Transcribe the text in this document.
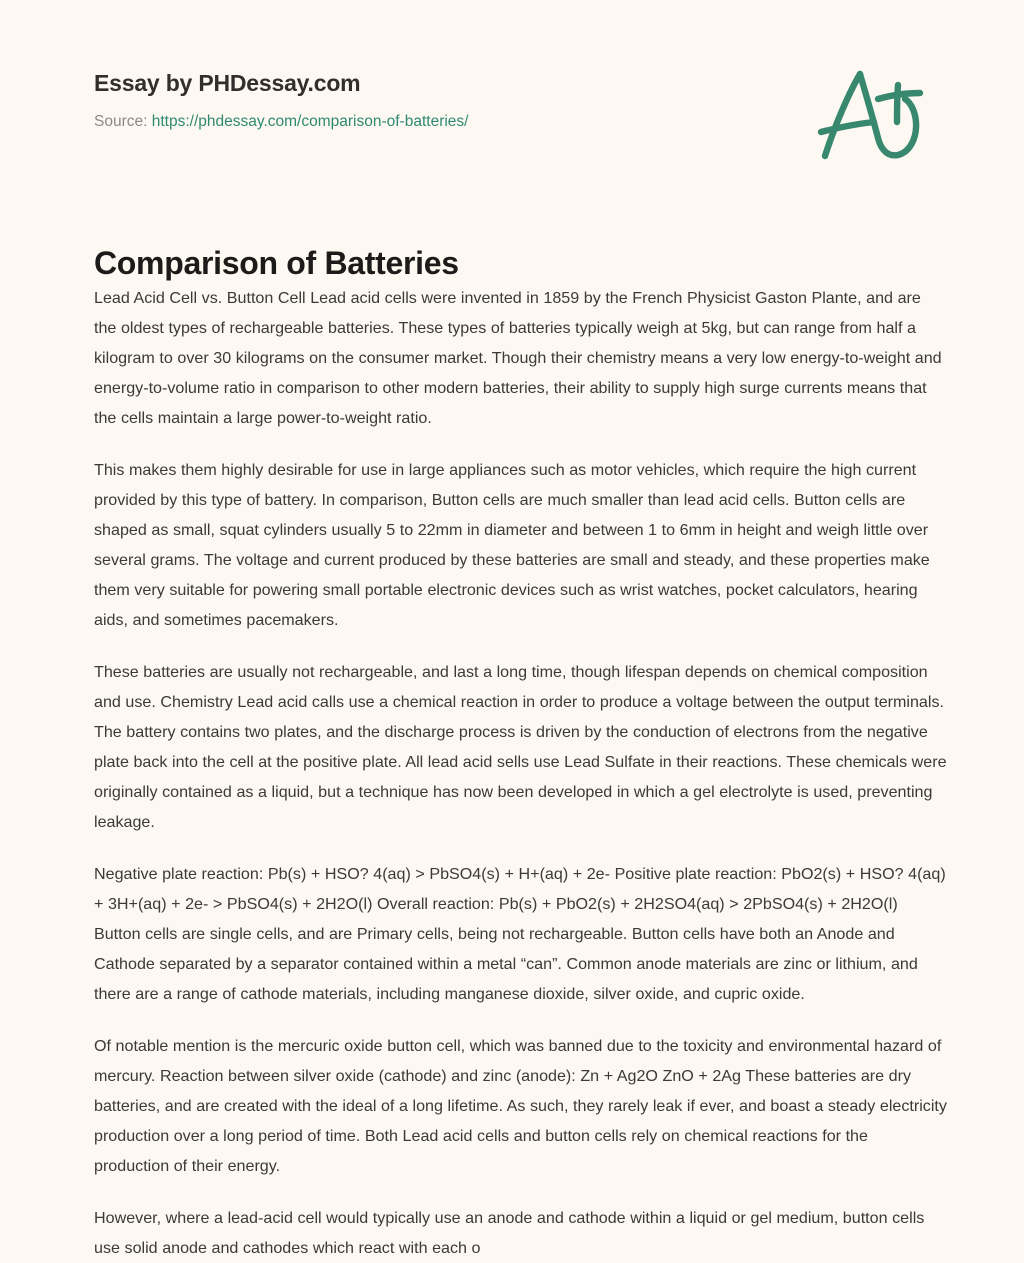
Essay by PHDessay.com
Source: https://phdessay.com/comparison-of-batteries/
Comparison of Batteries

Lead Acid Cell vs. Button Cell Lead acid cells were invented in 1859 by the French Physicist Gaston Plante, and are the oldest types of rechargeable batteries. These types of batteries typically weigh at 5kg, but can range from half a kilogram to over 30 kilograms on the consumer market. Though their chemistry means a very low energy-to-weight and energy-to-volume ratio in comparison to other modern batteries, their ability to supply high surge currents means that the cells maintain a large power-to-weight ratio.

This makes them highly desirable for use in large appliances such as motor vehicles, which require the high current provided by this type of battery. In comparison, Button cells are much smaller than lead acid cells. Button cells are shaped as small, squat cylinders usually 5 to 22mm in diameter and between 1 to 6mm in height and weigh little over several grams. The voltage and current produced by these batteries are small and steady, and these properties make them very suitable for powering small portable electronic devices such as wrist watches, pocket calculators, hearing aids, and sometimes pacemakers.

These batteries are usually not rechargeable, and last a long time, though lifespan depends on chemical composition and use. Chemistry Lead acid calls use a chemical reaction in order to produce a voltage between the output terminals. The battery contains two plates, and the discharge process is driven by the conduction of electrons from the negative plate back into the cell at the positive plate. All lead acid sells use Lead Sulfate in their reactions. These chemicals were originally contained as a liquid, but a technique has now been developed in which a gel electrolyte is used, preventing leakage.

Negative plate reaction: Pb(s) + HSO? 4(aq) > PbSO4(s) + H+(aq) + 2e- Positive plate reaction: PbO2(s) + HSO? 4(aq) + 3H+(aq) + 2e- > PbSO4(s) + 2H2O(l) Overall reaction: Pb(s) + PbO2(s) + 2H2SO4(aq) > 2PbSO4(s) + 2H2O(l) Button cells are single cells, and are Primary cells, being not rechargeable. Button cells have both an Anode and Cathode separated by a separator contained within a metal “can”. Common anode materials are zinc or lithium, and there are a range of cathode materials, including manganese dioxide, silver oxide, and cupric oxide.

Of notable mention is the mercuric oxide button cell, which was banned due to the toxicity and environmental hazard of mercury. Reaction between silver oxide (cathode) and zinc (anode): Zn + Ag2O ZnO + 2Ag These batteries are dry batteries, and are created with the ideal of a long lifetime. As such, they rarely leak if ever, and boast a steady electricity production over a long period of time. Both Lead acid cells and button cells rely on chemical reactions for the production of their energy.

However, where a lead-acid cell would typically use an anode and cathode within a liquid or gel medium, button cells use solid anode and cathodes which react with each o
